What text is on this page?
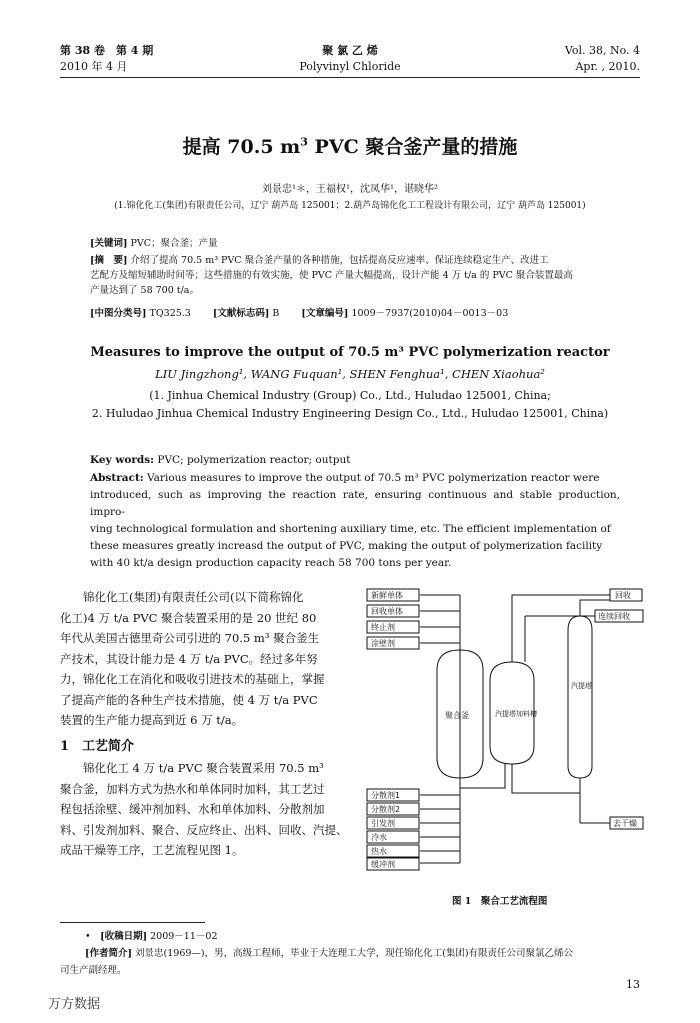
第 38 卷　第 4 期
2010 年 4 月
聚 氯 乙 烯
Polyvinyl Chloride
Vol. 38, No. 4
Apr. , 2010.
提高 70.5 $m^3$ PVC 聚合釜产量的措施
刘景忠¹＊，王福权¹，沈凤华¹，谌晓华²
(1.锦化化工(集团)有限责任公司，辽宁 葫芦岛 125001；2.葫芦岛锦化化工工程设计有限公司，辽宁 葫芦岛 125001)
[关键词] PVC；聚合釜；产量
[摘　要] 介绍了提高 70.5 m³ PVC 聚合釜产量的各种措施，包括提高反应速率、保证连续稳定生产、改进工
艺配方及缩短辅助时间等；这些措施的有效实施，使 PVC 产量大幅提高，设计产能 4 万 t/a 的 PVC 聚合装置最高
产量达到了 58 700 t/a。
[中图分类号] TQ325.3　　 [文献标志码] B　　 [文章编号] 1009－7937(2010)04－0013－03
Measures to improve the output of 70.5 m³ PVC polymerization reactor
LIU Jingzhong¹, WANG Fuquan¹, SHEN Fenghua¹, CHEN Xiaohua²
(1. Jinhua Chemical Industry (Group) Co., Ltd., Huludao 125001, China;
2. Huludao Jinhua Chemical Industry Engineering Design Co., Ltd., Huludao 125001, China)
Key words: PVC; polymerization reactor; output
Abstract: Various measures to improve the output of 70.5 m³ PVC polymerization reactor were
introduced, such as improving the reaction rate, ensuring continuous and stable production, impro-
ving technological formulation and shortening auxiliary time, etc. The efficient implementation of
these measures greatly increasd the output of PVC, making the output of polymerization facility
with 40 kt/a design production capacity reach 58 700 tons per year.
　　锦化化工(集团)有限责任公司(以下简称锦化
化工)4 万 t/a PVC 聚合装置采用的是 20 世纪 80
年代从美国古德里奇公司引进的 70.5 m³ 聚合釜生
产技术，其设计能力是 4 万 t/a PVC。经过多年努
力，锦化化工在消化和吸收引进技术的基础上，掌握
了提高产能的各种生产技术措施，使 4 万 t/a PVC
装置的生产能力提高到近 6 万 t/a。
1　工艺简介
　　锦化化工 4 万 t/a PVC 聚合装置采用 70.5 m³
聚合釜，加料方式为热水和单体同时加料，其工艺过
程包括涂壁、缓冲剂加料、水和单体加料、分散剂加
料、引发剂加料、聚合、反应终止、出料、回收、汽提、
成品干燥等工序，工艺流程见图 1。
新鲜单体
回收单体
终止剂
涂壁剂
分散剂1
分散剂2
引发剂
冷水
热水
缓冲剂
回收
连续回收
去干燥
聚合釜	汽提塔加料槽
汽提塔
图 1　聚合工艺流程图
•　[收稿日期] 2009－11－02
[作者简介] 刘景忠(1969—)，男，高级工程师，毕业于大连理工大学，现任锦化化工(集团)有限责任公司聚氯乙烯公
司生产副经理。
13
万方数据
